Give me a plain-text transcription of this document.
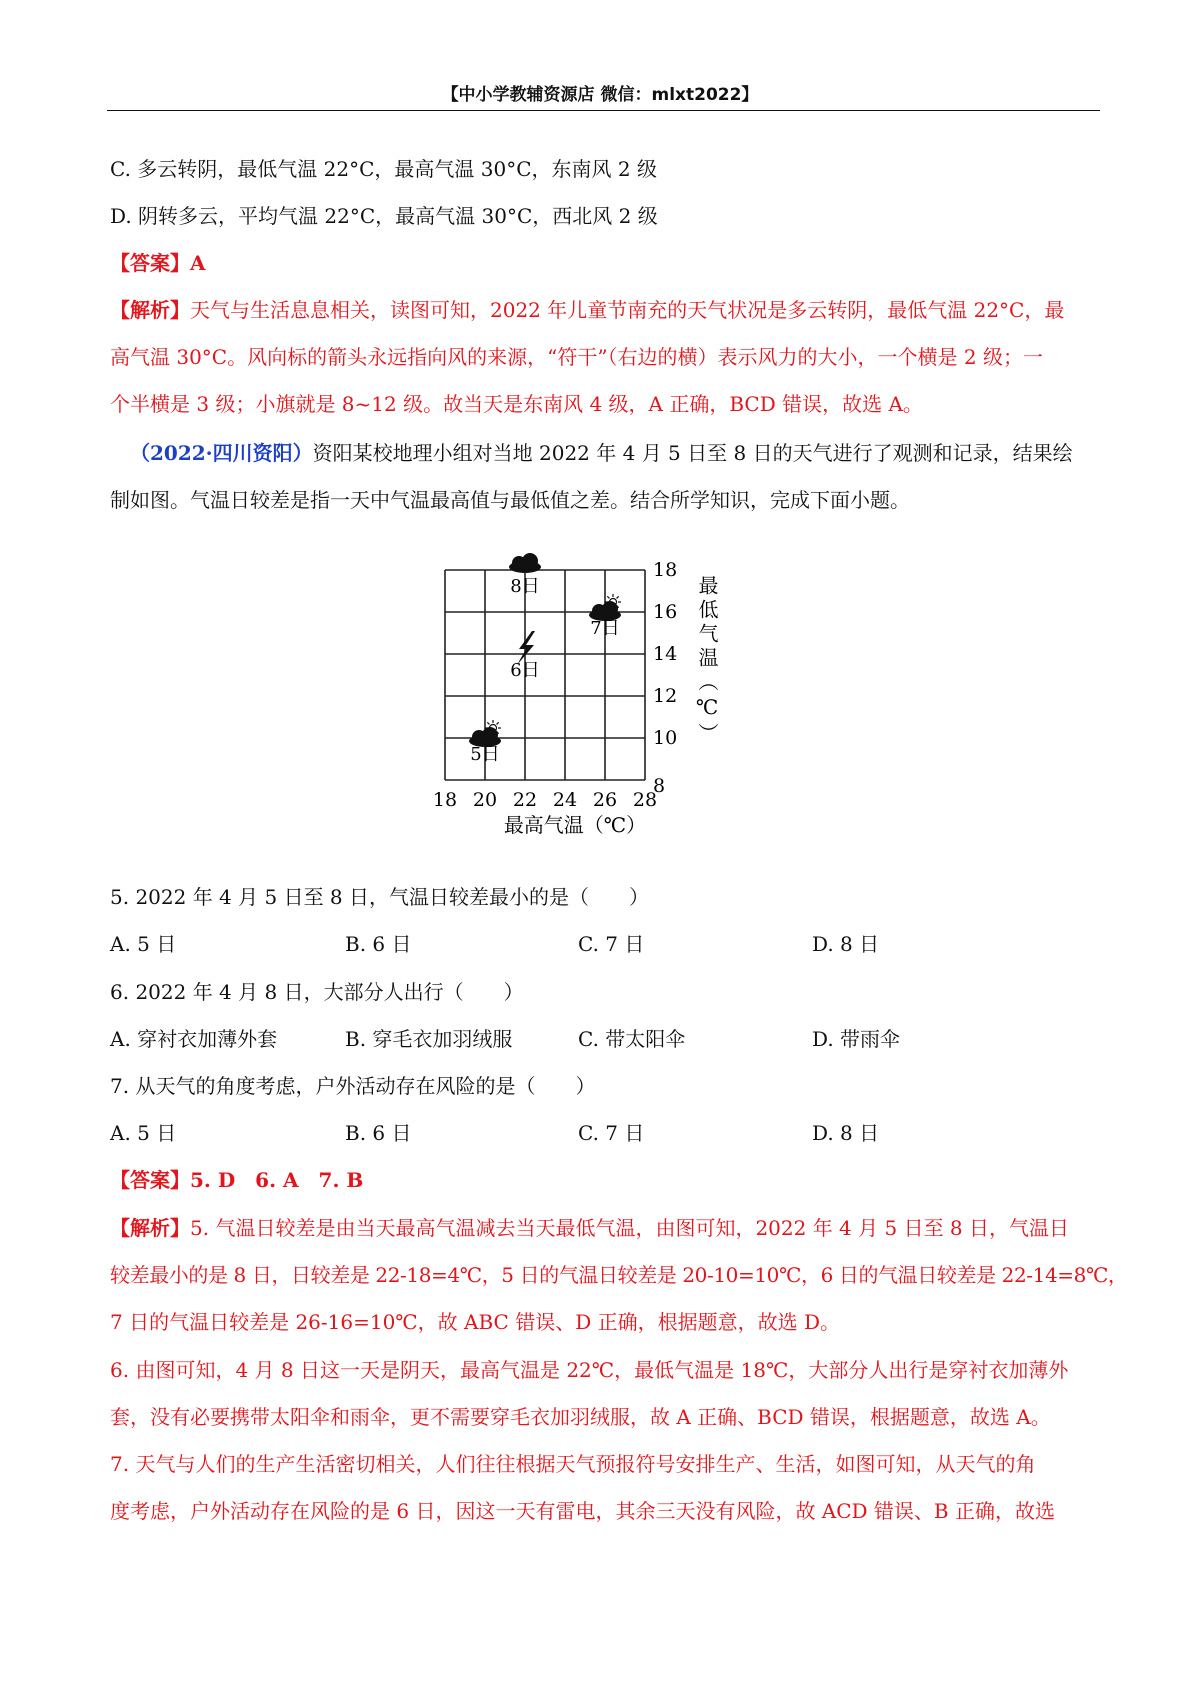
【中小学教辅资源店 微信：mlxt2022】
C. 多云转阴，最低气温 22°C，最高气温 30°C，东南风 2 级
D. 阴转多云，平均气温 22°C，最高气温 30°C，西北风 2 级
【答案】A
【解析】天气与生活息息相关，读图可知，2022 年儿童节南充的天气状况是多云转阴，最低气温 22°C，最
高气温 30°C。风向标的箭头永远指向风的来源，“符干”（右边的横）表示风力的大小，一个横是 2 级；一
个半横是 3 级；小旗就是 8~12 级。故当天是东南风 4 级，A 正确，BCD 错误，故选 A。
（2022·四川资阳）资阳某校地理小组对当地 2022 年 4 月 5 日至 8 日的天气进行了观测和记录，结果绘
制如图。气温日较差是指一天中气温最高值与最低值之差。结合所学知识，完成下面小题。
18 20 22 24 26 28
18
16
14
12
10
8
最高气温（℃）
最低气温（℃）
5日
6日
7日
8日
5. 2022 年 4 月 5 日至 8 日，气温日较差最小的是（　　）
A. 5 日	B. 6 日	C. 7 日	D. 8 日
6. 2022 年 4 月 8 日，大部分人出行（　　）
A. 穿衬衣加薄外套	B. 穿毛衣加羽绒服	C. 带太阳伞	D. 带雨伞
7. 从天气的角度考虑，户外活动存在风险的是（　　）
A. 5 日	B. 6 日	C. 7 日	D. 8 日
【答案】5. D　6. A　7. B
【解析】5. 气温日较差是由当天最高气温减去当天最低气温，由图可知，2022 年 4 月 5 日至 8 日，气温日
较差最小的是 8 日，日较差是 22-18=4℃，5 日的气温日较差是 20-10=10℃，6 日的气温日较差是 22-14=8℃，
7 日的气温日较差是 26-16=10℃，故 ABC 错误、D 正确，根据题意，故选 D。
6. 由图可知，4 月 8 日这一天是阴天，最高气温是 22℃，最低气温是 18℃，大部分人出行是穿衬衣加薄外
套，没有必要携带太阳伞和雨伞，更不需要穿毛衣加羽绒服，故 A 正确、BCD 错误，根据题意，故选 A。
7. 天气与人们的生产生活密切相关，人们往往根据天气预报符号安排生产、生活，如图可知，从天气的角
度考虑，户外活动存在风险的是 6 日，因这一天有雷电，其余三天没有风险，故 ACD 错误、B 正确，故选
